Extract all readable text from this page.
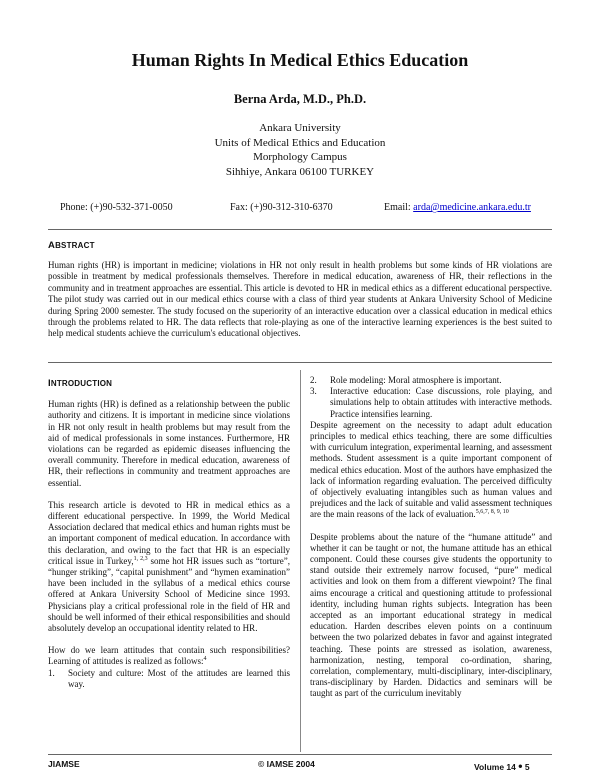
Human Rights In Medical Ethics Education
Berna Arda, M.D., Ph.D.
Ankara University
Units of Medical Ethics and Education
Morphology Campus
Sihhiye, Ankara 06100 TURKEY
Phone: (+)90-532-371-0050	Fax: (+)90-312-310-6370	Email: arda@medicine.ankara.edu.tr
ABSTRACT
Human rights (HR) is important in medicine; violations in HR not only result in health problems but some kinds of HR violations are possible in treatment by medical professionals themselves. Therefore in medical education, awareness of HR, their reflections in the community and in treatment approaches are essential. This article is devoted to HR in medical ethics as a different educational perspective. The pilot study was carried out in our medical ethics course with a class of third year students at Ankara University School of Medicine during Spring 2000 semester. The study focused on the superiority of an interactive education over a classical education in medical ethics through the problems related to HR. The data reflects that role-playing as one of the interactive learning experiences is the best suited to help medical students achieve the curriculum's educational objectives.
INTRODUCTION

Human rights (HR) is defined as a relationship between the public authority and citizens. It is important in medicine since violations in HR not only result in health problems but may result from the aid of medical professionals in some instances. Furthermore, HR violations can be regarded as epidemic diseases influencing the overall community. Therefore in medical education, awareness of HR, their reflections in community and treatment approaches are essential.

This research article is devoted to HR in medical ethics as a different educational perspective. In 1999, the World Medical Association declared that medical ethics and human rights must be an important component of medical education. In accordance with this declaration, and owing to the fact that HR is an especially critical issue in Turkey,$^{1, 2,3}$ some hot HR issues such as “torture”, “hunger striking”, “capital punishment” and “hymen examination” have been included in the syllabus of a medical ethics course offered at Ankara University School of Medicine since 1993. Physicians play a critical professional role in the field of HR and should be well informed of their ethical responsibilities and should absolutely develop an occupational identity related to HR.

How do we learn attitudes that contain such responsibilities? Learning of attitudes is realized as follows:$^4$

1. Society and culture: Most of the attitudes are learned this way.
2. Role modeling: Moral atmosphere is important.
3. Interactive education: Case discussions, role playing, and simulations help to obtain attitudes with interactive methods. Practice intensifies learning.

Despite agreement on the necessity to adapt adult education principles to medical ethics teaching, there are some difficulties with curriculum integration, experimental learning, and assessment methods. Student assessment is a quite important component of medical ethics education. Most of the authors have emphasized the lack of information regarding evaluation. The perceived difficulty of objectively evaluating intangibles such as human values and prejudices and the lack of suitable and valid assessment techniques are the main reasons of the lack of evaluation.$^{5,6,7, 8, 9, 10}$

Despite problems about the nature of the “humane attitude” and whether it can be taught or not, the humane attitude has an ethical component. Could these courses give students the opportunity to stand outside their extremely narrow focused, “pure” medical activities and look on them from a different viewpoint? The final aims encourage a critical and questioning attitude to professional identity, including human rights subjects. Integration has been accepted as an important educational strategy in medical education. Harden describes eleven points on a continuum between the two polarized debates in favor and against integrated teaching. These points are stressed as isolation, awareness, harmonization, nesting, temporal co-ordination, sharing, correlation, complementary, multi-disciplinary, inter-disciplinary, trans-disciplinary by Harden. Didactics and seminars will be taught as part of the curriculum inevitably

JIAMSE	© IAMSE 2004	Volume 14 • 5
